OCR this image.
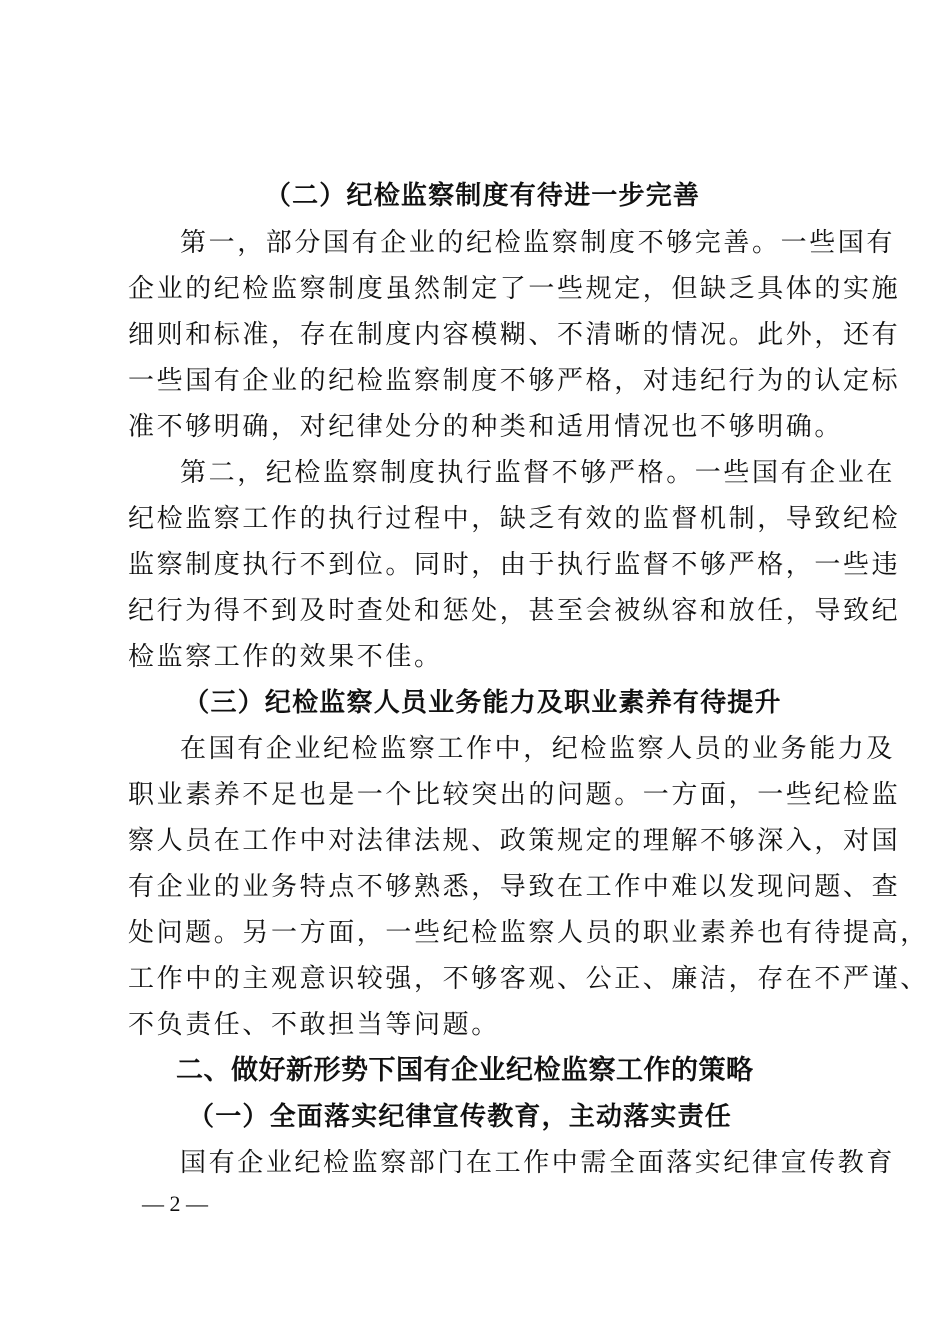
（二）纪检监察制度有待进一步完善
第一，部分国有企业的纪检监察制度不够完善。一些国有
企业的纪检监察制度虽然制定了一些规定，但缺乏具体的实施
细则和标准，存在制度内容模糊、不清晰的情况。此外，还有
一些国有企业的纪检监察制度不够严格，对违纪行为的认定标
准不够明确，对纪律处分的种类和适用情况也不够明确。
第二，纪检监察制度执行监督不够严格。一些国有企业在
纪检监察工作的执行过程中，缺乏有效的监督机制，导致纪检
监察制度执行不到位。同时，由于执行监督不够严格，一些违
纪行为得不到及时查处和惩处，甚至会被纵容和放任，导致纪
检监察工作的效果不佳。
（三）纪检监察人员业务能力及职业素养有待提升
在国有企业纪检监察工作中，纪检监察人员的业务能力及
职业素养不足也是一个比较突出的问题。一方面，一些纪检监
察人员在工作中对法律法规、政策规定的理解不够深入，对国
有企业的业务特点不够熟悉，导致在工作中难以发现问题、查
处问题。另一方面，一些纪检监察人员的职业素养也有待提高，
工作中的主观意识较强，不够客观、公正、廉洁，存在不严谨、
不负责任、不敢担当等问题。
二、做好新形势下国有企业纪检监察工作的策略
（一）全面落实纪律宣传教育，主动落实责任
国有企业纪检监察部门在工作中需全面落实纪律宣传教育
— 2 —
